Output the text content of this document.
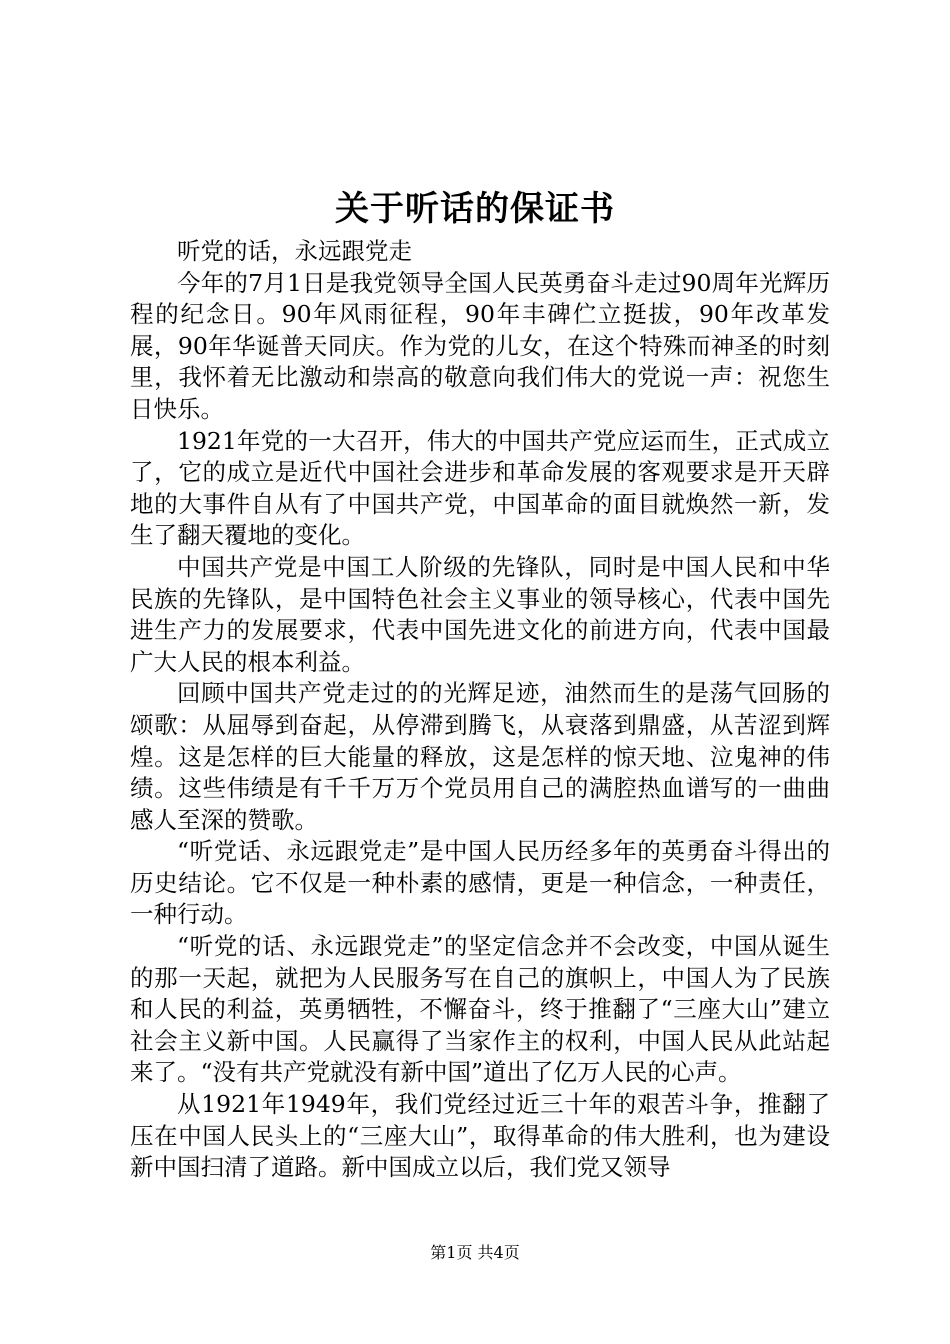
关于听话的保证书

听党的话，永远跟党走

今年的7月1日是我党领导全国人民英勇奋斗走过90周年光辉历程的纪念日。90年风雨征程，90年丰碑伫立挺拔，90年改革发展，90年华诞普天同庆。作为党的儿女，在这个特殊而神圣的时刻里，我怀着无比激动和崇高的敬意向我们伟大的党说一声：祝您生日快乐。

1921年党的一大召开，伟大的中国共产党应运而生，正式成立了，它的成立是近代中国社会进步和革命发展的客观要求是开天辟地的大事件自从有了中国共产党，中国革命的面目就焕然一新，发生了翻天覆地的变化。

中国共产党是中国工人阶级的先锋队，同时是中国人民和中华民族的先锋队，是中国特色社会主义事业的领导核心，代表中国先进生产力的发展要求，代表中国先进文化的前进方向，代表中国最广大人民的根本利益。

回顾中国共产党走过的的光辉足迹，油然而生的是荡气回肠的颂歌：从屈辱到奋起，从停滞到腾飞，从衰落到鼎盛，从苦涩到辉煌。这是怎样的巨大能量的释放，这是怎样的惊天地、泣鬼神的伟绩。这些伟绩是有千千万万个党员用自己的满腔热血谱写的一曲曲感人至深的赞歌。

“听党话、永远跟党走”是中国人民历经多年的英勇奋斗得出的历史结论。它不仅是一种朴素的感情，更是一种信念，一种责任，一种行动。

“听党的话、永远跟党走”的坚定信念并不会改变，中国从诞生的那一天起，就把为人民服务写在自己的旗帜上，中国人为了民族和人民的利益，英勇牺牲，不懈奋斗，终于推翻了“三座大山”建立社会主义新中国。人民赢得了当家作主的权利，中国人民从此站起来了。“没有共产党就没有新中国”道出了亿万人民的心声。

从1921年1949年，我们党经过近三十年的艰苦斗争，推翻了压在中国人民头上的“三座大山”，取得革命的伟大胜利，也为建设新中国扫清了道路。新中国成立以后，我们党又领导

第1页 共4页
